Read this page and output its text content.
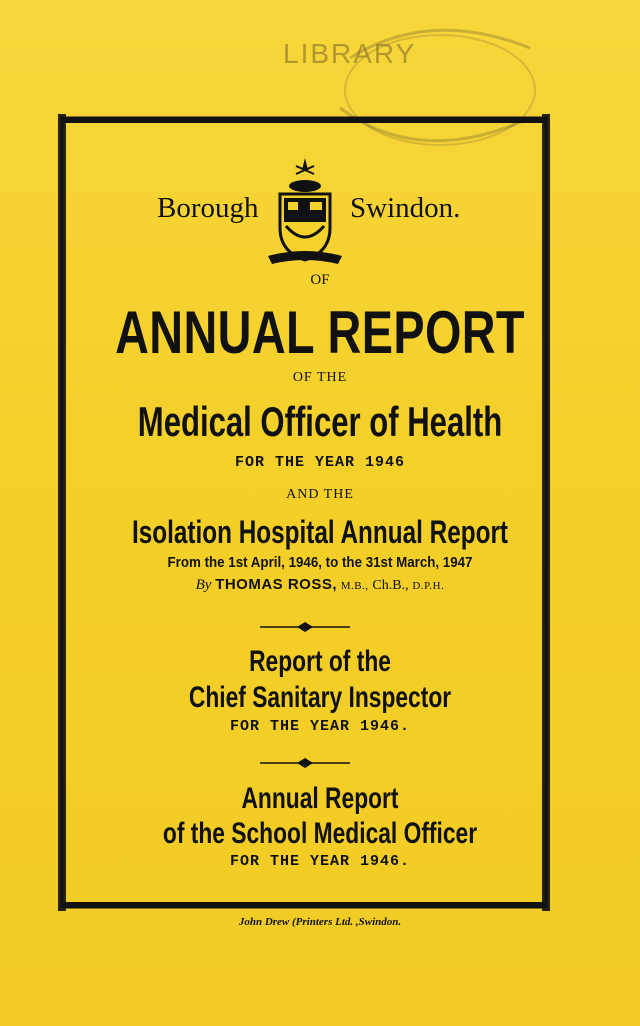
LIBRARY
Borough	Swindon.
OF
ANNUAL REPORT
OF THE
Medical Officer of Health
FOR THE YEAR 1946
AND THE
Isolation Hospital Annual Report
From the 1st April, 1946, to the 31st March, 1947
By THOMAS ROSS, M.B., Ch.B., D.P.H.
Report of the
Chief Sanitary Inspector
FOR THE YEAR 1946.
Annual Report
of the School Medical Officer
FOR THE YEAR 1946.
John Drew (Printers Ltd. ,Swindon.
